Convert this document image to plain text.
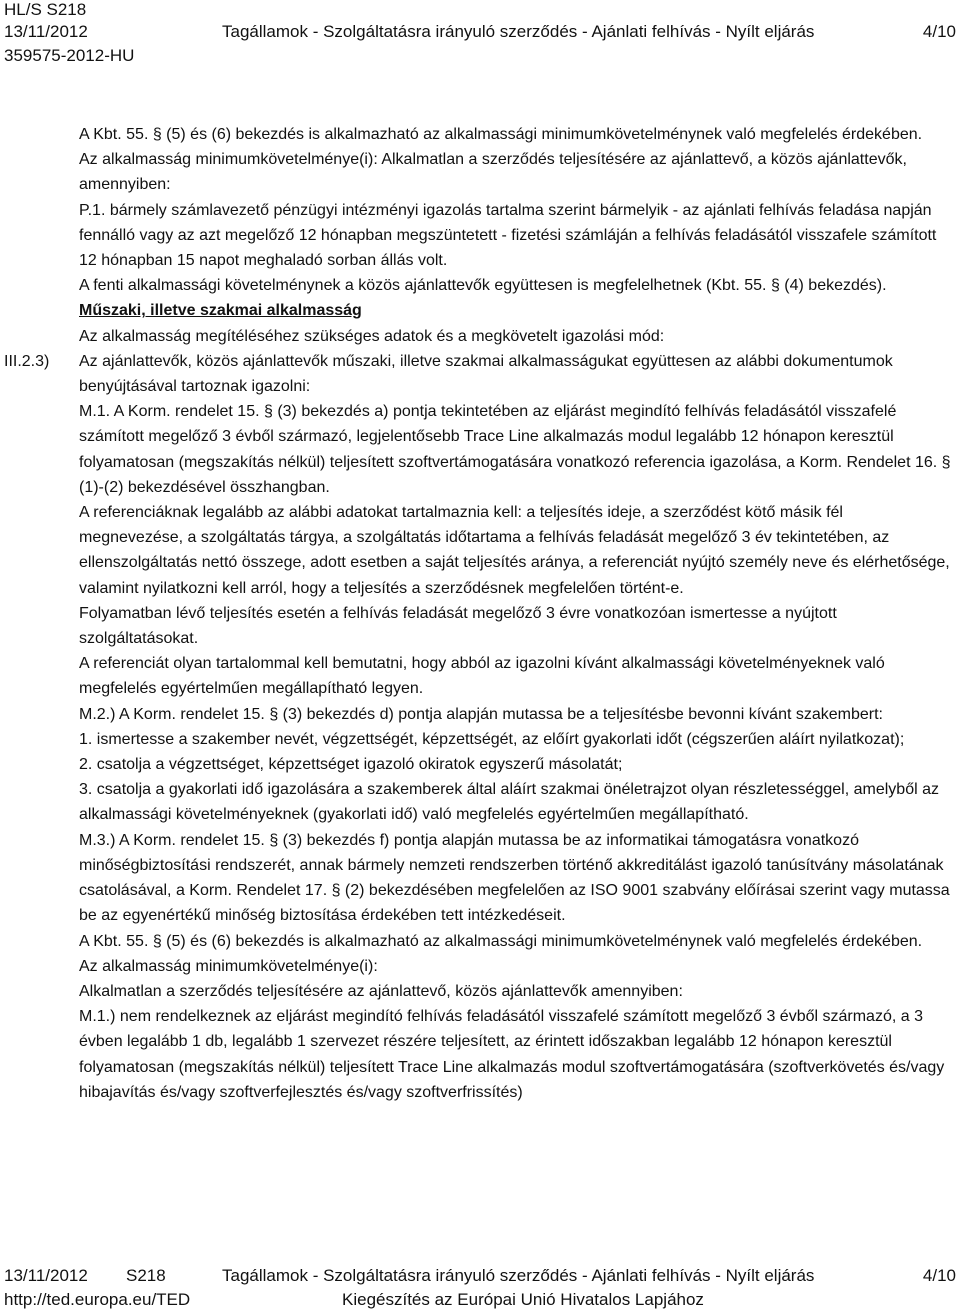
HL/S S218
13/11/2012	Tagállamok - Szolgáltatásra irányuló szerződés - Ajánlati felhívás - Nyílt eljárás	4/10
359575-2012-HU
III.2.3)

A Kbt. 55. § (5) és (6) bekezdés is alkalmazható az alkalmassági minimumkövetelménynek való megfelelés érdekében.

Az alkalmasság minimumkövetelménye(i): Alkalmatlan a szerződés teljesítésére az ajánlattevő, a közös ajánlattevők, amennyiben:

P.1. bármely számlavezető pénzügyi intézményi igazolás tartalma szerint bármelyik - az ajánlati felhívás feladása napján fennálló vagy az azt megelőző 12 hónapban megszüntetett - fizetési számláján a felhívás feladásától visszafele számított 12 hónapban 15 napot meghaladó sorban állás volt.

A fenti alkalmassági követelménynek a közös ajánlattevők együttesen is megfelelhetnek (Kbt. 55. § (4) bekezdés).

Műszaki, illetve szakmai alkalmasság

Az alkalmasság megítéléséhez szükséges adatok és a megkövetelt igazolási mód:

Az ajánlattevők, közös ajánlattevők műszaki, illetve szakmai alkalmasságukat együttesen az alábbi dokumentumok benyújtásával tartoznak igazolni:

M.1. A Korm. rendelet 15. § (3) bekezdés a) pontja tekintetében az eljárást megindító felhívás feladásától visszafelé számított megelőző 3 évből származó, legjelentősebb Trace Line alkalmazás modul legalább 12 hónapon keresztül folyamatosan (megszakítás nélkül) teljesített szoftvertámogatására vonatkozó referencia igazolása, a Korm. Rendelet 16. § (1)-(2) bekezdésével összhangban.

A referenciáknak legalább az alábbi adatokat tartalmaznia kell: a teljesítés ideje, a szerződést kötő másik fél megnevezése, a szolgáltatás tárgya, a szolgáltatás időtartama a felhívás feladását megelőző 3 év tekintetében, az ellenszolgáltatás nettó összege, adott esetben a saját teljesítés aránya, a referenciát nyújtó személy neve és elérhetősége, valamint nyilatkozni kell arról, hogy a teljesítés a szerződésnek megfelelően történt-e.

Folyamatban lévő teljesítés esetén a felhívás feladását megelőző 3 évre vonatkozóan ismertesse a nyújtott szolgáltatásokat.

A referenciát olyan tartalommal kell bemutatni, hogy abból az igazolni kívánt alkalmassági követelményeknek való megfelelés egyértelműen megállapítható legyen.

M.2.) A Korm. rendelet 15. § (3) bekezdés d) pontja alapján mutassa be a teljesítésbe bevonni kívánt szakembert:

1. ismertesse a szakember nevét, végzettségét, képzettségét, az előírt gyakorlati időt (cégszerűen aláírt nyilatkozat);

2. csatolja a végzettséget, képzettséget igazoló okiratok egyszerű másolatát;

3. csatolja a gyakorlati idő igazolására a szakemberek által aláírt szakmai önéletrajzot olyan részletességgel, amelyből az alkalmassági követelményeknek (gyakorlati idő) való megfelelés egyértelműen megállapítható.

M.3.) A Korm. rendelet 15. § (3) bekezdés f) pontja alapján mutassa be az informatikai támogatásra vonatkozó minőségbiztosítási rendszerét, annak bármely nemzeti rendszerben történő akkreditálást igazoló tanúsítvány másolatának csatolásával, a Korm. Rendelet 17. § (2) bekezdésében megfelelően az ISO 9001 szabvány előírásai szerint vagy mutassa be az egyenértékű minőség biztosítása érdekében tett intézkedéseit.

A Kbt. 55. § (5) és (6) bekezdés is alkalmazható az alkalmassági minimumkövetelménynek való megfelelés érdekében.

Az alkalmasság minimumkövetelménye(i):

Alkalmatlan a szerződés teljesítésére az ajánlattevő, közös ajánlattevők amennyiben:

M.1.) nem rendelkeznek az eljárást megindító felhívás feladásától visszafelé számított megelőző 3 évből származó, a 3 évben legalább 1 db, legalább 1 szervezet részére teljesített, az érintett időszakban legalább 12 hónapon keresztül folyamatosan (megszakítás nélkül) teljesített Trace Line alkalmazás modul szoftvertámogatására (szoftverkövetés és/vagy hibajavítás és/vagy szoftverfejlesztés és/vagy szoftverfrissítés)

13/11/2012 S218	Tagállamok - Szolgáltatásra irányuló szerződés - Ajánlati felhívás - Nyílt eljárás	4/10
http://ted.europa.eu/TED	Kiegészítés az Európai Unió Hivatalos Lapjához
